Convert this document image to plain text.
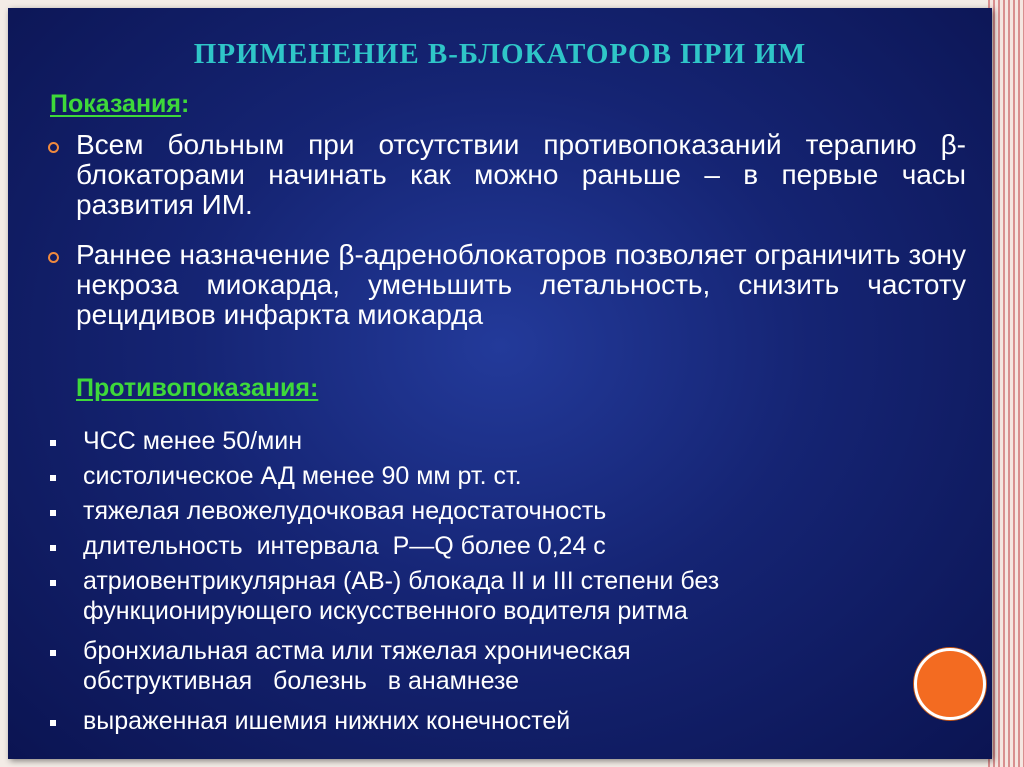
ПРИМЕНЕНИЕ В-БЛОКАТОРОВ ПРИ ИМ
Показания:
Всем больным при отсутствии противопоказаний терапию β-блокаторами начинать как можно раньше – в первые часы развития ИМ.
Раннее назначение β-адреноблокаторов позволяет ограничить зону некроза миокарда, уменьшить летальность, снизить частоту рецидивов инфаркта миокарда
Противопоказания:
ЧСС менее 50/мин
систолическое АД менее 90 мм рт. ст.
тяжелая левожелудочковая недостаточность
длительность  интервала  P—Q более 0,24 с
атриовентрикулярная (АВ-) блокада II и III степени без
функционирующего искусственного водителя ритма
бронхиальная астма или тяжелая хроническая
обструктивная   болезнь   в анамнезе
выраженная ишемия нижних конечностей
